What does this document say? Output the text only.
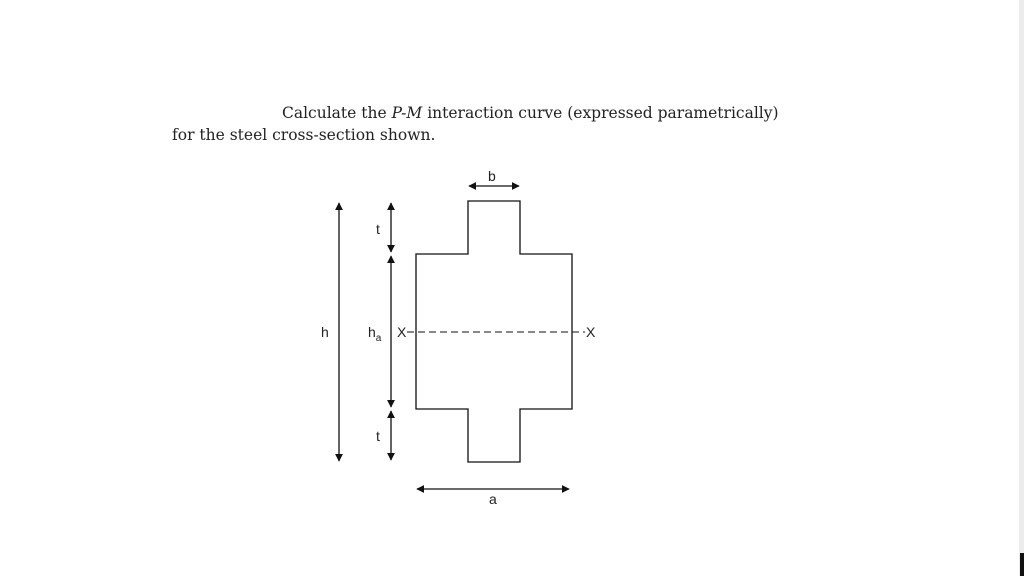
Calculate the P-M interaction curve (expressed parametrically)
for the steel cross-section shown.
X	X
b
a
h
t
$h_a$
t
